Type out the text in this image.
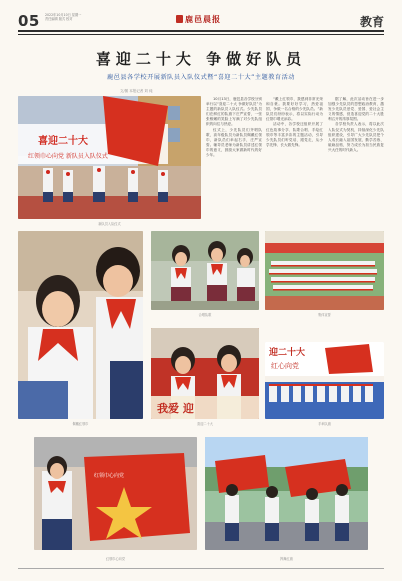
05 2022年10月10日 星期一
责任编辑 版式 校对	鹿邑晨报	教育
喜迎二十大 争做好队员
鹿邑县各学校开展新队员入队仪式暨“喜迎二十大”主题教育活动
文/图 本报记者 刘 纯
喜迎二十大
红领巾心向党 新队员入队仪式
新队员入队仪式

10月13日，鹿邑县各学校分别举行以“喜迎二十大 争做好队员”为主题的新队员入队仪式。少先队员们在鲜红的队旗下庄严宣誓，一张张稚嫩的笑脸上写满了对少先队组织的向往与热爱。

仪式上，少先队员们齐唱队歌，高年级队员为新队员佩戴红领巾，新队员们举起右手，庄严宣誓。辅导员老师为新队员讲述红领巾的意义，鼓励大家做新时代的好少年。

“戴上红领巾，我感到非常光荣和自豪。我要好好学习，热爱祖国，争做一名合格的少先队员。”新队员们纷纷表示，将以实际行动为红领巾增光添彩。

活动中，各学校还组织开展了红色故事分享、队歌合唱、手绘红领巾等丰富多彩的主题活动，引导少先队员们听党话、跟党走，从小学先锋、长大做先锋。

据了解，此次活动旨在进一步加强少先队员的思想政治教育，激发少先队员爱党、爱国、爱社会主义的情感，营造喜迎党的二十大胜利召开的浓厚氛围。

各学校负责人表示，将以此次入队仪式为契机，持续深化少先队组织建设，引导广大少先队员把个人成长融入祖国发展，勤学苦练、砥砺品格，努力成长为担当民族复兴大任的时代新人。

佩戴红领巾
合唱队歌	集体宣誓
我爱 迎
喜迎二十大
迎二十大
红心向党
手举队旗
红领巾心向党
红领巾心向党	挥舞红旗
